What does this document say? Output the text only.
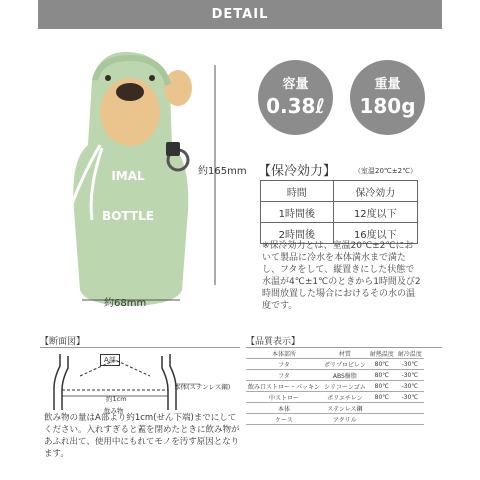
DETAIL
IMAL
BOTTLE
約165mm
約68mm
容量
0.38ℓ
重量
180g
【保冷効力】	（室温20℃±2℃）
時間	保冷効力
1時間後	12度以下
2時間後	16度以下
※保冷効力とは、室温20℃±2℃において製品に冷水を本体満水まで満たし、フタをして、縦置きにした状態で水温が4℃±1℃のときから1時間及び2時間放置した場合におけるその水の温度です。
【断面図】
A部
本体(ステンレス鋼)
約1cm
飲み物
飲み物の量はA部より約1cm(せん下端)までにしてください。入れすぎると蓋を閉めたときに飲み物があふれ出て、使用中にもれてモノを汚す原因となります。
【品質表示】
本体部所	材質	耐熱温度	耐冷温度
フタ	ポリプロピレン	80℃	-30℃
フタ	ABS樹脂	80℃	-30℃
飲み口ストロー・パッキン	シリコーンゴム	80℃	-30℃
中ストロー	ポリエチレン	80℃	-30℃
本体	ステンレス鋼		
ケース	アクリル		
